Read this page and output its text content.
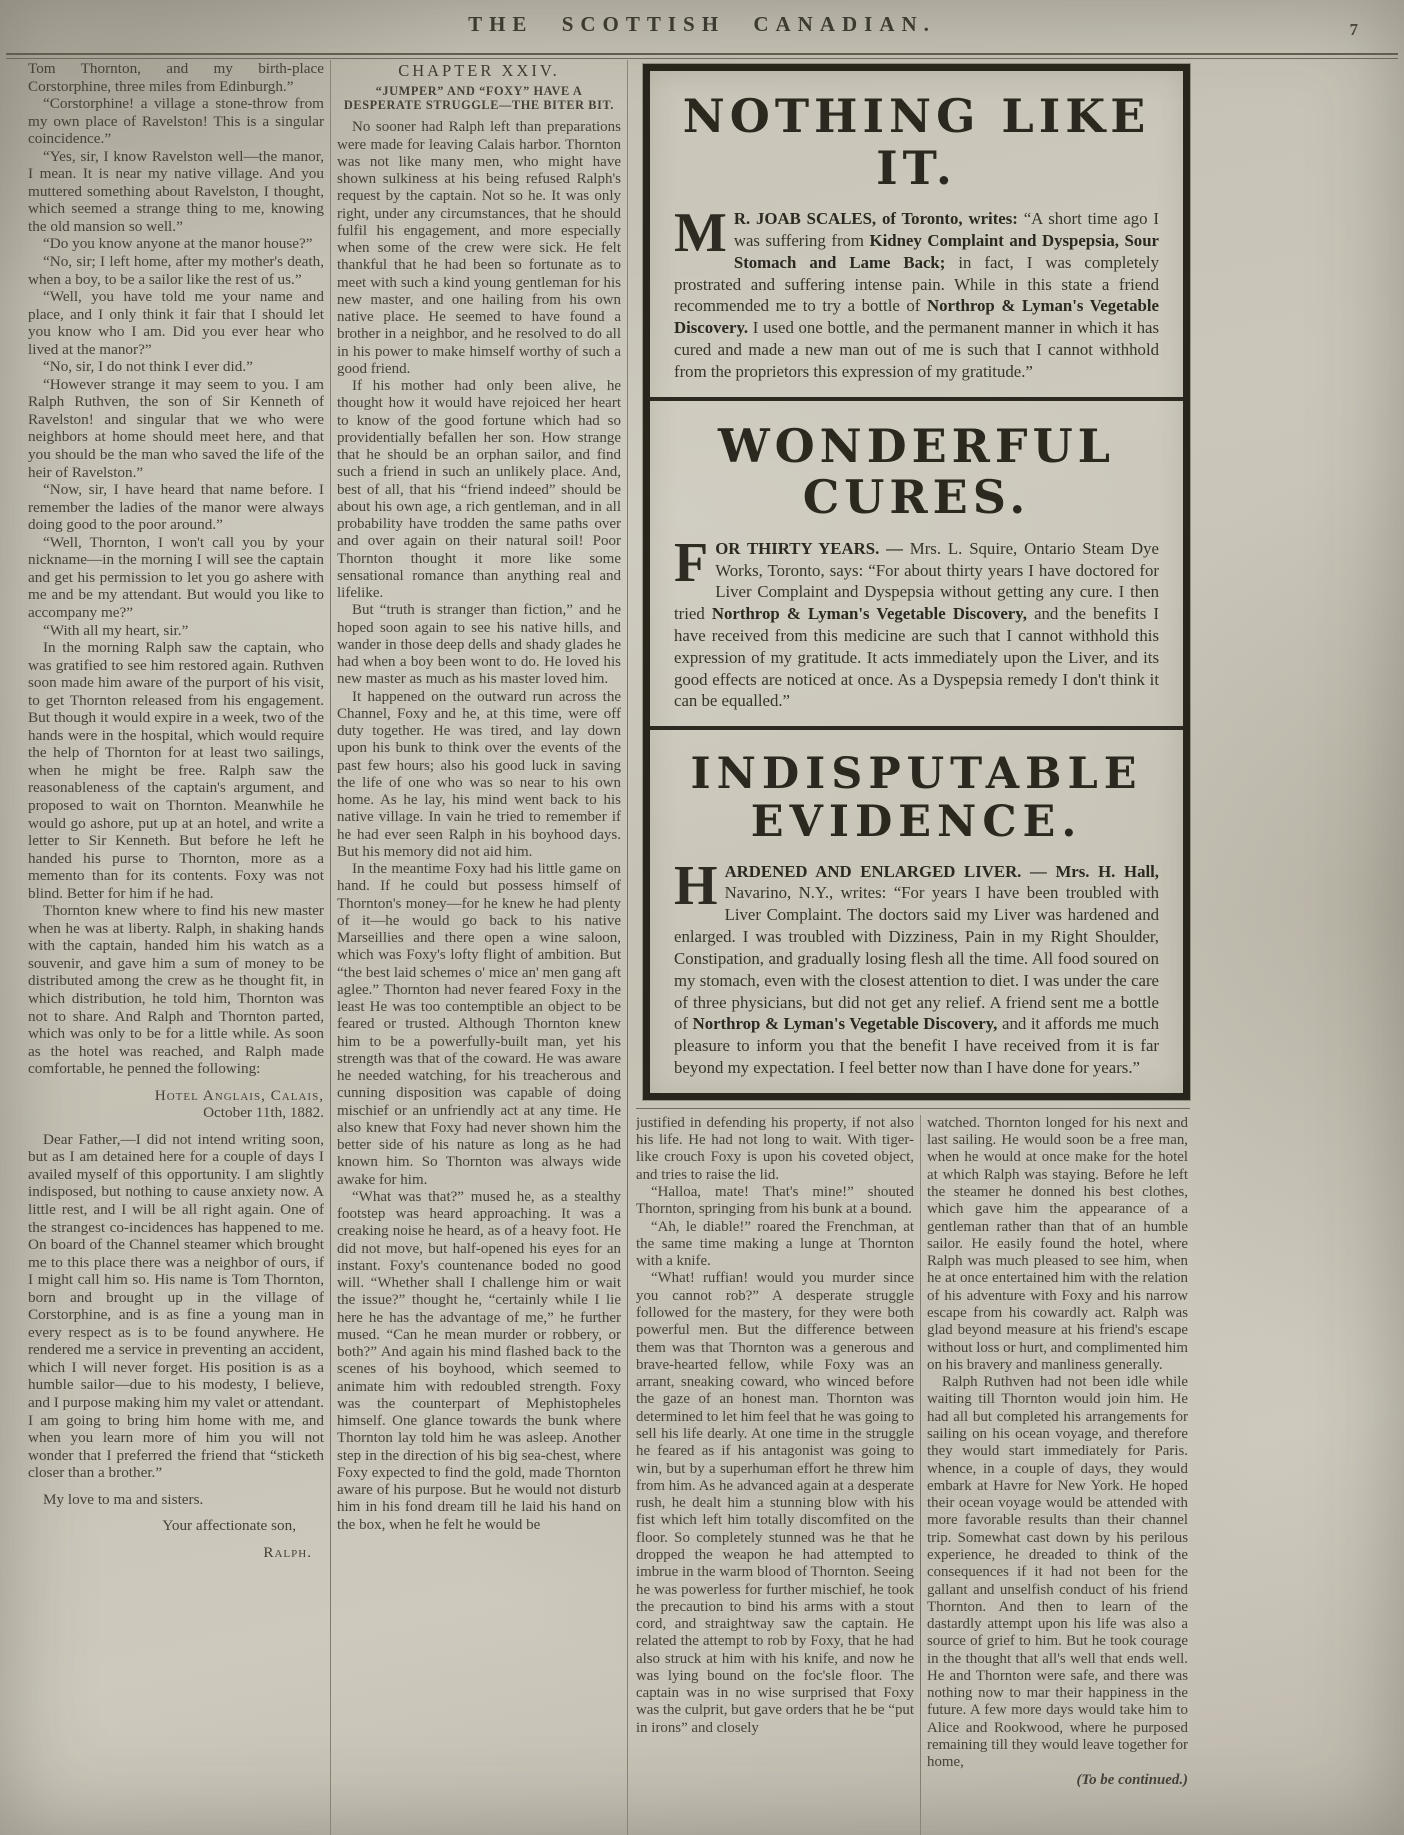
THE SCOTTISH CANADIAN.	7

Tom Thornton, and my birth-place Corstorphine, three miles from Edinburgh.”

“Corstorphine! a village a stone-throw from my own place of Ravelston! This is a singular coincidence.”

“Yes, sir, I know Ravelston well—the manor, I mean. It is near my native village. And you muttered something about Ravelston, I thought, which seemed a strange thing to me, knowing the old mansion so well.”

“Do you know anyone at the manor house?”

“No, sir; I left home, after my mother's death, when a boy, to be a sailor like the rest of us.”

“Well, you have told me your name and place, and I only think it fair that I should let you know who I am. Did you ever hear who lived at the manor?”

“No, sir, I do not think I ever did.”

“However strange it may seem to you. I am Ralph Ruthven, the son of Sir Kenneth of Ravelston! and singular that we who were neighbors at home should meet here, and that you should be the man who saved the life of the heir of Ravelston.”

“Now, sir, I have heard that name before. I remember the ladies of the manor were always doing good to the poor around.”

“Well, Thornton, I won't call you by your nickname—in the morning I will see the captain and get his permission to let you go ashere with me and be my attendant. But would you like to accompany me?”

“With all my heart, sir.”

In the morning Ralph saw the captain, who was gratified to see him restored again. Ruthven soon made him aware of the purport of his visit, to get Thornton released from his engagement. But though it would expire in a week, two of the hands were in the hospital, which would require the help of Thornton for at least two sailings, when he might be free. Ralph saw the reasonableness of the captain's argument, and proposed to wait on Thornton. Meanwhile he would go ashore, put up at an hotel, and write a letter to Sir Kenneth. But before he left he handed his purse to Thornton, more as a memento than for its contents. Foxy was not blind. Better for him if he had.

Thornton knew where to find his new master when he was at liberty. Ralph, in shaking hands with the captain, handed him his watch as a souvenir, and gave him a sum of money to be distributed among the crew as he thought fit, in which distribution, he told him, Thornton was not to share. And Ralph and Thornton parted, which was only to be for a little while. As soon as the hotel was reached, and Ralph made comfortable, he penned the following:

Hotel Anglais, Calais,

October 11th, 1882.

Dear Father,—I did not intend writing soon, but as I am detained here for a couple of days I availed myself of this opportunity. I am slightly indisposed, but nothing to cause anxiety now. A little rest, and I will be all right again. One of the strangest co-incidences has happened to me. On board of the Channel steamer which brought me to this place there was a neighbor of ours, if I might call him so. His name is Tom Thornton, born and brought up in the village of Corstorphine, and is as fine a young man in every respect as is to be found anywhere. He rendered me a service in preventing an accident, which I will never forget. His position is as a humble sailor—due to his modesty, I believe, and I purpose making him my valet or attendant. I am going to bring him home with me, and when you learn more of him you will not wonder that I preferred the friend that “sticketh closer than a brother.”

My love to ma and sisters.

Your affectionate son,

Ralph.

CHAPTER XXIV.
“JUMPER” AND “FOXY” HAVE A DESPERATE STRUGGLE—THE BITER BIT.

No sooner had Ralph left than preparations were made for leaving Calais harbor. Thornton was not like many men, who might have shown sulkiness at his being refused Ralph's request by the captain. Not so he. It was only right, under any circumstances, that he should fulfil his engagement, and more especially when some of the crew were sick. He felt thankful that he had been so fortunate as to meet with such a kind young gentleman for his new master, and one hailing from his own native place. He seemed to have found a brother in a neighbor, and he resolved to do all in his power to make himself worthy of such a good friend.

If his mother had only been alive, he thought how it would have rejoiced her heart to know of the good fortune which had so providentially befallen her son. How strange that he should be an orphan sailor, and find such a friend in such an unlikely place. And, best of all, that his “friend indeed” should be about his own age, a rich gentleman, and in all probability have trodden the same paths over and over again on their natural soil! Poor Thornton thought it more like some sensational romance than anything real and lifelike.

But “truth is stranger than fiction,” and he hoped soon again to see his native hills, and wander in those deep dells and shady glades he had when a boy been wont to do. He loved his new master as much as his master loved him.

It happened on the outward run across the Channel, Foxy and he, at this time, were off duty together. He was tired, and lay down upon his bunk to think over the events of the past few hours; also his good luck in saving the life of one who was so near to his own home. As he lay, his mind went back to his native village. In vain he tried to remember if he had ever seen Ralph in his boyhood days. But his memory did not aid him.

In the meantime Foxy had his little game on hand. If he could but possess himself of Thornton's money—for he knew he had plenty of it—he would go back to his native Marseillies and there open a wine saloon, which was Foxy's lofty flight of ambition. But “the best laid schemes o' mice an' men gang aft aglee.” Thornton had never feared Foxy in the least He was too contemptible an object to be feared or trusted. Although Thornton knew him to be a powerfully-built man, yet his strength was that of the coward. He was aware he needed watching, for his treacherous and cunning disposition was capable of doing mischief or an unfriendly act at any time. He also knew that Foxy had never shown him the better side of his nature as long as he had known him. So Thornton was always wide awake for him.

“What was that?” mused he, as a stealthy footstep was heard approaching. It was a creaking noise he heard, as of a heavy foot. He did not move, but half-opened his eyes for an instant. Foxy's countenance boded no good will. “Whether shall I challenge him or wait the issue?” thought he, “certainly while I lie here he has the advantage of me,” he further mused. “Can he mean murder or robbery, or both?” And again his mind flashed back to the scenes of his boyhood, which seemed to animate him with redoubled strength. Foxy was the counterpart of Mephistopheles himself. One glance towards the bunk where Thornton lay told him he was asleep. Another step in the direction of his big sea-chest, where Foxy expected to find the gold, made Thornton aware of his purpose. But he would not disturb him in his fond dream till he laid his hand on the box, when he felt he would be

NOTHING LIKE IT.

M R. JOAB SCALES, of Toronto, writes: “A short time ago I was suffering from Kidney Complaint and Dyspepsia, Sour Stomach and Lame Back; in fact, I was completely prostrated and suffering intense pain. While in this state a friend recommended me to try a bottle of Northrop & Lyman's Vegetable Discovery. I used one bottle, and the permanent manner in which it has cured and made a new man out of me is such that I cannot withhold from the proprietors this expression of my gratitude.”

WONDERFUL CURES.

FOR THIRTY YEARS. — Mrs. L. Squire, Ontario Steam Dye Works, Toronto, says: “For about thirty years I have doctored for Liver Complaint and Dyspepsia without getting any cure. I then tried Northrop & Lyman's Vegetable Discovery, and the benefits I have received from this medicine are such that I cannot withhold this expression of my gratitude. It acts immediately upon the Liver, and its good effects are noticed at once. As a Dyspepsia remedy I don't think it can be equalled.”

INDISPUTABLE EVIDENCE.

HARDENED AND ENLARGED LIVER. — Mrs. H. Hall, Navarino, N.Y., writes: “For years I have been troubled with Liver Complaint. The doctors said my Liver was hardened and enlarged. I was troubled with Dizziness, Pain in my Right Shoulder, Constipation, and gradually losing flesh all the time. All food soured on my stomach, even with the closest attention to diet. I was under the care of three physicians, but did not get any relief. A friend sent me a bottle of Northrop & Lyman's Vegetable Discovery, and it affords me much pleasure to inform you that the benefit I have received from it is far beyond my expectation. I feel better now than I have done for years.”

justified in defending his property, if not also his life. He had not long to wait. With tiger-like crouch Foxy is upon his coveted object, and tries to raise the lid.

“Halloa, mate! That's mine!” shouted Thornton, springing from his bunk at a bound.

“Ah, le diable!” roared the Frenchman, at the same time making a lunge at Thornton with a knife.

“What! ruffian! would you murder since you cannot rob?” A desperate struggle followed for the mastery, for they were both powerful men. But the difference between them was that Thornton was a generous and brave-hearted fellow, while Foxy was an arrant, sneaking coward, who winced before the gaze of an honest man. Thornton was determined to let him feel that he was going to sell his life dearly. At one time in the struggle he feared as if his antagonist was going to win, but by a superhuman effort he threw him from him. As he advanced again at a desperate rush, he dealt him a stunning blow with his fist which left him totally discomfited on the floor. So completely stunned was he that he dropped the weapon he had attempted to imbrue in the warm blood of Thornton. Seeing he was powerless for further mischief, he took the precaution to bind his arms with a stout cord, and straightway saw the captain. He related the attempt to rob by Foxy, that he had also struck at him with his knife, and now he was lying bound on the foc'sle floor. The captain was in no wise surprised that Foxy was the culprit, but gave orders that he be “put in irons” and closely

watched. Thornton longed for his next and last sailing. He would soon be a free man, when he would at once make for the hotel at which Ralph was staying. Before he left the steamer he donned his best clothes, which gave him the appearance of a gentleman rather than that of an humble sailor. He easily found the hotel, where Ralph was much pleased to see him, when he at once entertained him with the relation of his adventure with Foxy and his narrow escape from his cowardly act. Ralph was glad beyond measure at his friend's escape without loss or hurt, and complimented him on his bravery and manliness generally.

Ralph Ruthven had not been idle while waiting till Thornton would join him. He had all but completed his arrangements for sailing on his ocean voyage, and therefore they would start immediately for Paris. whence, in a couple of days, they would embark at Havre for New York. He hoped their ocean voyage would be attended with more favorable results than their channel trip. Somewhat cast down by his perilous experience, he dreaded to think of the consequences if it had not been for the gallant and unselfish conduct of his friend Thornton. And then to learn of the dastardly attempt upon his life was also a source of grief to him. But he took courage in the thought that all's well that ends well. He and Thornton were safe, and there was nothing now to mar their happiness in the future. A few more days would take him to Alice and Rookwood, where he purposed remaining till they would leave together for home,

(To be continued.)
